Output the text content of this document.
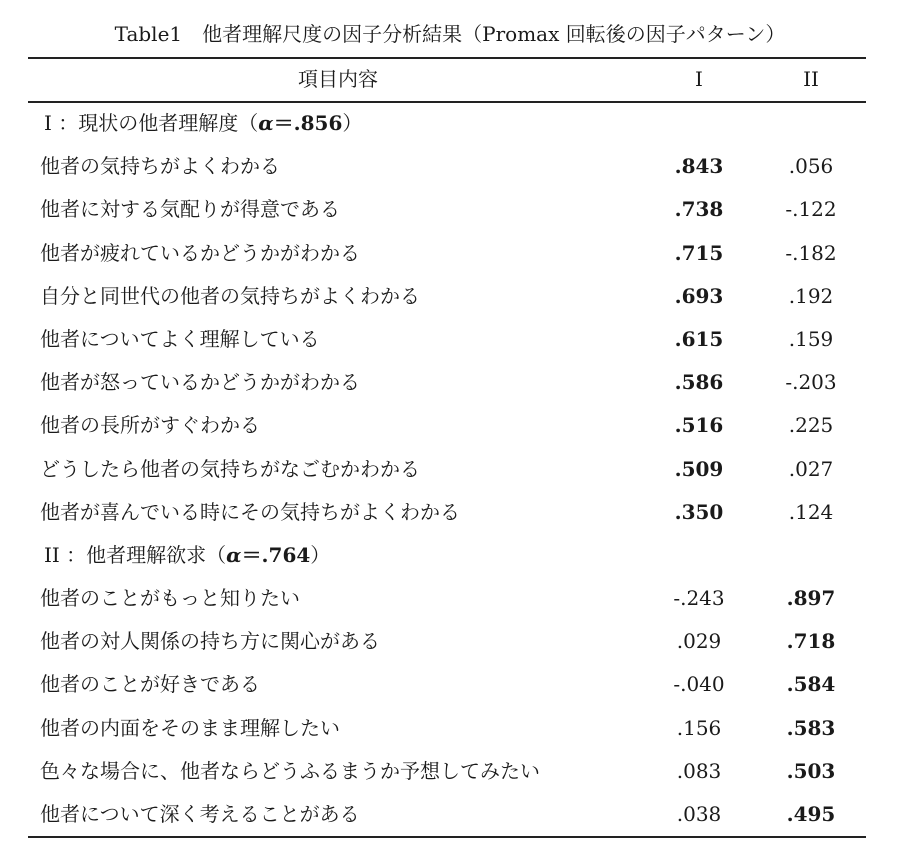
Table1　他者理解尺度の因子分析結果（Promax 回転後の因子パターン）
項目内容	I	II
I ：現状の他者理解度（α＝.856）
他者の気持ちがよくわかる	.843	.056
他者に対する気配りが得意である	.738	-.122
他者が疲れているかどうかがわかる	.715	-.182
自分と同世代の他者の気持ちがよくわかる	.693	.192
他者についてよく理解している	.615	.159
他者が怒っているかどうかがわかる	.586	-.203
他者の長所がすぐわかる	.516	.225
どうしたら他者の気持ちがなごむかわかる	.509	.027
他者が喜んでいる時にその気持ちがよくわかる	.350	.124
II ：他者理解欲求（α＝.764）
他者のことがもっと知りたい	-.243	.897
他者の対人関係の持ち方に関心がある	.029	.718
他者のことが好きである	-.040	.584
他者の内面をそのまま理解したい	.156	.583
色々な場合に、他者ならどうふるまうか予想してみたい	.083	.503
他者について深く考えることがある	.038	.495
